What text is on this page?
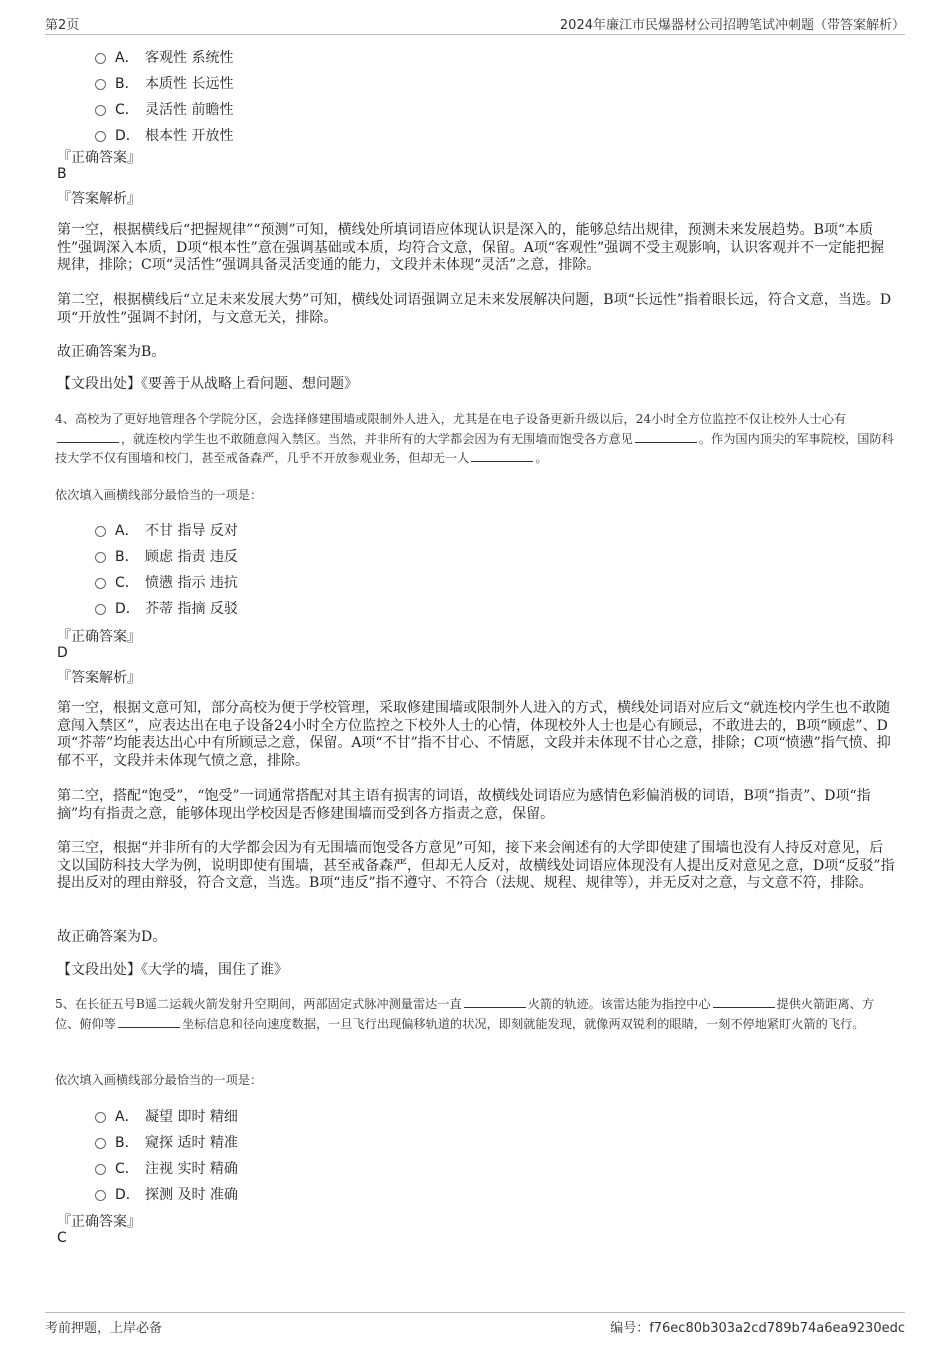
第2页	2024年廉江市民爆器材公司招聘笔试冲刺题（带答案解析）
A． 客观性 系统性
B． 本质性 长远性
C． 灵活性 前瞻性
D． 根本性 开放性
『正确答案』
B
『答案解析』
第一空，根据横线后“把握规律”“预测”可知，横线处所填词语应体现认识是深入的，能够总结出规律，预测未来发展趋势。B项“本质性”强调深入本质，D项“根本性”意在强调基础或本质，均符合文意，保留。A项“客观性”强调不受主观影响，认识客观并不一定能把握规律，排除；C项“灵活性”强调具备灵活变通的能力，文段并未体现“灵活”之意，排除。
第二空，根据横线后“立足未来发展大势”可知，横线处词语强调立足未来发展解决问题，B项“长远性”指着眼长远，符合文意，当选。D项“开放性”强调不封闭，与文意无关，排除。
故正确答案为B。
【文段出处】《要善于从战略上看问题、想问题》
4、高校为了更好地管理各个学院分区，会选择修建围墙或限制外人进入，尤其是在电子设备更新升级以后，24小时全方位监控不仅让校外人士心有，就连校内学生也不敢随意闯入禁区。当然，并非所有的大学都会因为有无围墙而饱受各方意见	。作为国内顶尖的军事院校，国防科技大学不仅有围墙和校门，甚至戒备森严，几乎不开放参观业务，但却无一人	。
依次填入画横线部分最恰当的一项是：
A． 不甘 指导 反对
B． 顾虑 指责 违反
C． 愤懑 指示 违抗
D． 芥蒂 指摘 反驳
『正确答案』
D
『答案解析』
第一空，根据文意可知，部分高校为便于学校管理，采取修建围墙或限制外人进入的方式，横线处词语对应后文“就连校内学生也不敢随意闯入禁区”，应表达出在电子设备24小时全方位监控之下校外人士的心情，体现校外人士也是心有顾忌，不敢进去的，B项“顾虑”、D项“芥蒂”均能表达出心中有所顾忌之意，保留。A项“不甘”指不甘心、不情愿，文段并未体现不甘心之意，排除；C项“愤懑”指气愤、抑郁不平，文段并未体现气愤之意，排除。
第二空，搭配“饱受”，“饱受”一词通常搭配对其主语有损害的词语，故横线处词语应为感情色彩偏消极的词语，B项“指责”、D项“指摘”均有指责之意，能够体现出学校因是否修建围墙而受到各方指责之意，保留。
第三空，根据“并非所有的大学都会因为有无围墙而饱受各方意见”可知，接下来会阐述有的大学即使建了围墙也没有人持反对意见，后文以国防科技大学为例，说明即使有围墙，甚至戒备森严，但却无人反对，故横线处词语应体现没有人提出反对意见之意，D项“反驳”指提出反对的理由辩驳，符合文意，当选。B项“违反”指不遵守、不符合（法规、规程、规律等），并无反对之意，与文意不符，排除。
故正确答案为D。
【文段出处】《大学的墙，围住了谁》
5、在长征五号B遥二运载火箭发射升空期间，两部固定式脉冲测量雷达一直	火箭的轨迹。该雷达能为指控中心	提供火箭距离、方位、俯仰等	坐标信息和径向速度数据，一旦飞行出现偏移轨道的状况，即刻就能发现，就像两双锐利的眼睛，一刻不停地紧盯火箭的飞行。
依次填入画横线部分最恰当的一项是：
A． 凝望 即时 精细
B． 窥探 适时 精准
C． 注视 实时 精确
D． 探测 及时 准确
『正确答案』
C
考前押题，上岸必备	编号：f76ec80b303a2cd789b74a6ea9230edc
